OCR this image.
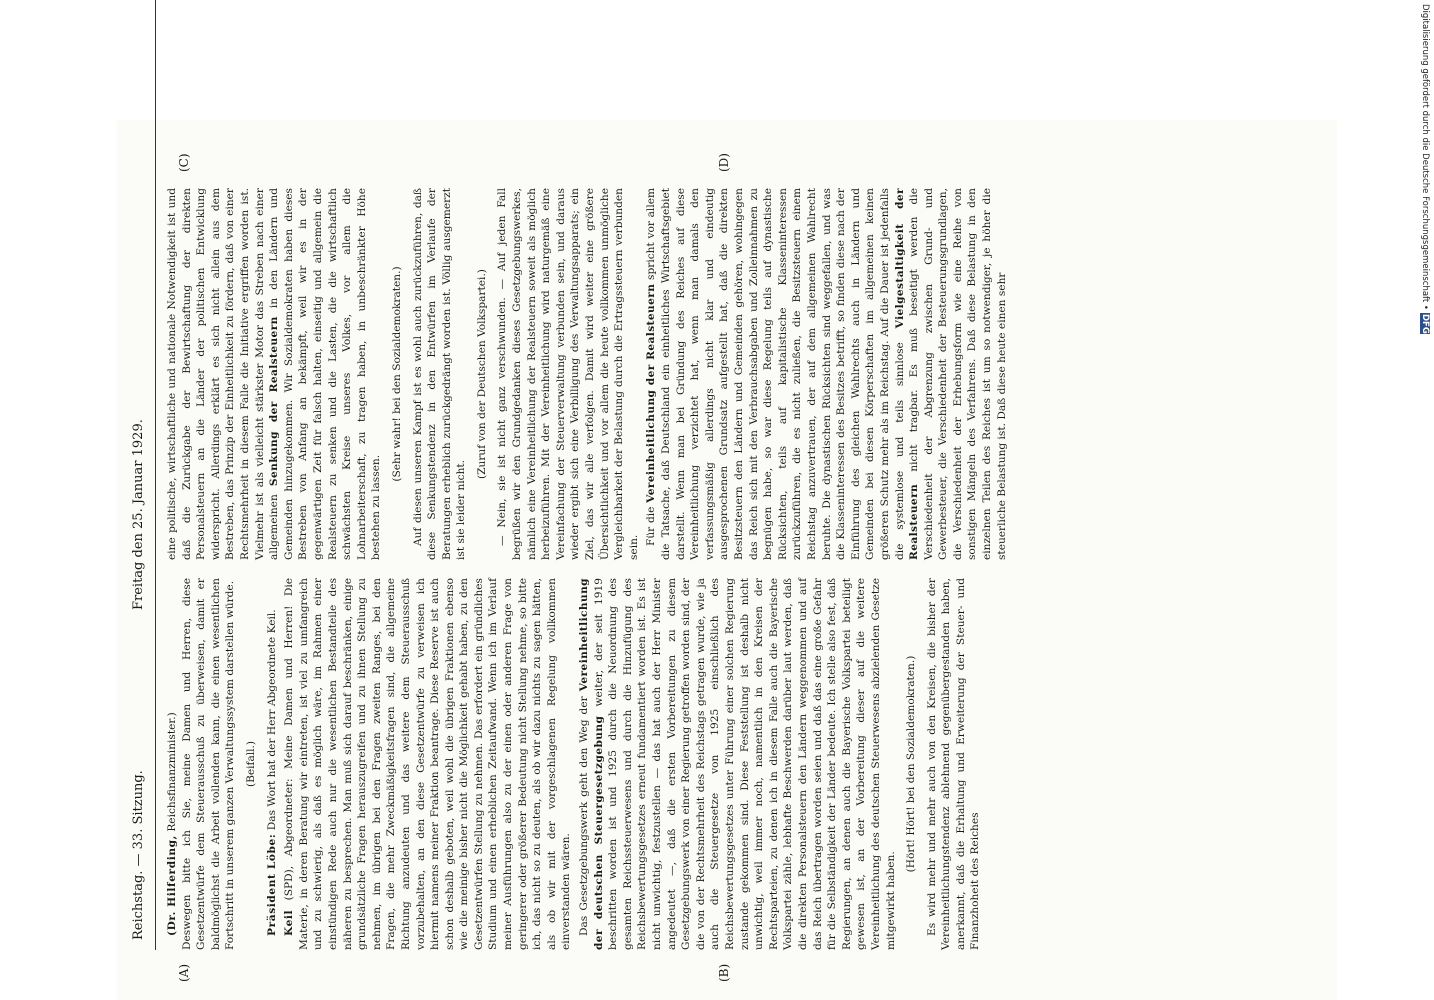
Reichstag. — 33. Sitzung.
Freitag den 25. Januar 1929.
(A)	(B)
(C)	(D)

(Dr. Hilferding, Reichsfinanzminister.) Deswegen bitte ich Sie, meine Damen und Herren, diese Gesetzentwürfe dem Steuerausschuß zu überweisen, damit er baldmöglichst die Arbeit vollenden kann, die einen wesentlichen Fortschritt in unserem ganzen Verwaltungssystem darstellen würde. (Beifall.)

Präsident Löbe: Das Wort hat der Herr Abgeordnete Keil.

Keil (SPD), Abgeordneter: Meine Damen und Herren! Die Materie, in deren Beratung wir eintreten, ist viel zu umfangreich und zu schwierig, als daß es möglich wäre, im Rahmen einer einstündigen Rede auch nur die wesentlichen Bestandteile des näheren zu besprechen. Man muß sich darauf beschränken, einige grundsätzliche Fragen herauszugreifen und zu ihnen Stellung zu nehmen, im übrigen bei den Fragen zweiten Ranges, bei den Fragen, die mehr Zweckmäßigkeitsfragen sind, die allgemeine Richtung anzudeuten und das weitere dem Steuerausschuß vorzubehalten, an den diese Gesetzentwürfe zu verweisen ich hiermit namens meiner Fraktion beantrage. Diese Reserve ist auch schon deshalb geboten, weil wohl die übrigen Fraktionen ebenso wie die meinige bisher nicht die Möglichkeit gehabt haben, zu den Gesetzentwürfen Stellung zu nehmen. Das erfordert ein gründliches Studium und einen erheblichen Zeitaufwand. Wenn ich im Verlauf meiner Ausführungen also zu der einen oder anderen Frage von geringerer oder größerer Bedeutung nicht Stellung nehme, so bitte ich, das nicht so zu deuten, als ob wir dazu nichts zu sagen hätten, als ob wir mit der vorgeschlagenen Regelung vollkommen einverstanden wären. Das Gesetzgebungswerk geht den Weg der Vereinheitlichung der deutschen Steuergesetzgebung weiter, der seit 1919 beschritten worden ist und 1925 durch die Neuordnung des gesamten Reichssteuerwesens und durch die Hinzufügung des Reichsbewertungsgesetzes erneut fundamentiert worden ist. Es ist nicht unwichtig, festzustellen — das hat auch der Herr Minister angedeutet —, daß die ersten Vorbereitungen zu diesem Gesetzgebungswerk von einer Regierung getroffen worden sind, der die von der Rechtsmehrheit des Reichstags getragen wurde, wie ja auch die Steuergesetze von 1925 einschließlich des Reichsbewertungsgesetzes unter Führung einer solchen Regierung zustande gekommen sind. Diese Feststellung ist deshalb nicht unwichtig, weil immer noch, namentlich in den Kreisen der Rechtsparteien, zu denen ich in diesem Falle auch die Bayerische Volkspartei zähle, lebhafte Beschwerden darüber laut werden, daß die direkten Personalsteuern den Ländern weggenommen und auf das Reich übertragen worden seien und daß das eine große Gefahr für die Selbständigkeit der Länder bedeute. Ich stelle also fest, daß Regierungen, an denen auch die Bayerische Volkspartei beteiligt gewesen ist, an der Vorbereitung dieser auf die weitere Vereinheitlichung des deutschen Steuerwesens abzielenden Gesetze mitgewirkt haben.

(Hört! Hört! bei den Sozialdemokraten.) Es wird mehr und mehr auch von den Kreisen, die bisher der Vereinheitlichungstendenz ablehnend gegenübergestanden haben, anerkannt, daß die Erhaltung und Erweiterung der Steuer- und Finanzhoheit des Reiches

eine politische, wirtschaftliche und nationale Notwendigkeit ist und daß die Zurückgabe der Bewirtschaftung der direkten Personalsteuern an die Länder der politischen Entwicklung widerspricht. Allerdings erklärt es sich nicht allein aus dem Bestreben, das Prinzip der Einheitlichkeit zu fördern, daß von einer Rechtsmehrheit in diesem Falle die Initiative ergriffen worden ist. Vielmehr ist als vielleicht stärkster Motor das Streben nach einer allgemeinen Senkung der Realsteuern in den Ländern und Gemeinden hinzugekommen. Wir Sozialdemokraten haben dieses Bestreben von Anfang an bekämpft, weil wir es in der gegenwärtigen Zeit für falsch halten, einseitig und allgemein die Realsteuern zu senken und die Lasten, die die wirtschaftlich schwächsten Kreise unseres Volkes, vor allem die Lohnarbeiterschaft, zu tragen haben, in unbeschränkter Höhe bestehen zu lassen.

(Sehr wahr! bei den Sozialdemokraten.) Auf diesen unseren Kampf ist es wohl auch zurückzuführen, daß diese Senkungstendenz in den Entwürfen im Verlaufe der Beratungen erheblich zurückgedrängt worden ist. Völlig ausgemerzt ist sie leider nicht.

(Zuruf von der Deutschen Volkspartei.) — Nein, sie ist nicht ganz verschwunden. — Auf jeden Fall begrüßen wir den Grundgedanken dieses Gesetzgebungswerkes, nämlich eine Vereinheitlichung der Realsteuern soweit als möglich herbeizuführen. Mit der Vereinheitlichung wird naturgemäß eine Vereinfachung der Steuerverwaltung verbunden sein, und daraus wieder ergibt sich eine Verbilligung des Verwaltungsapparats; ein Ziel, das wir alle verfolgen. Damit wird weiter eine größere Übersichtlichkeit und vor allem die heute vollkommen unmögliche Vergleichbarkeit der Belastung durch die Ertragssteuern verbunden sein.

Für die Vereinheitlichung der Realsteuern spricht vor allem die Tatsache, daß Deutschland ein einheitliches Wirtschaftsgebiet darstellt. Wenn man bei Gründung des Reiches auf diese Vereinheitlichung verzichtet hat, wenn man damals den verfassungsmäßig allerdings nicht klar und eindeutig ausgesprochenen Grundsatz aufgestellt hat, daß die direkten Besitzsteuern den Ländern und Gemeinden gehören, wohingegen das Reich sich mit den Verbrauchsabgaben und Zolleinnahmen zu begnügen habe, so war diese Regelung teils auf dynastische Rücksichten, teils auf kapitalistische Klasseninteressen zurückzuführen, die es nicht zuließen, die Besitzsteuern einem Reichstag anzuvertrauen, der auf dem allgemeinen Wahlrecht beruhte. Die dynastischen Rücksichten sind weggefallen, und was die Klasseninteressen des Besitzes betrifft, so finden diese nach der Einführung des gleichen Wahlrechts auch in Ländern und Gemeinden bei diesen Körperschaften im allgemeinen keinen größeren Schutz mehr als im Reichstag. Auf die Dauer ist jedenfalls die systemlose und teils sinnlose Vielgestaltigkeit der Realsteuern nicht tragbar. Es muß beseitigt werden die Verschiedenheit der Abgrenzung zwischen Grund- und Gewerbesteuer, die Verschiedenheit der Besteuerungsgrundlagen, die Verschiedenheit der Erhebungsform wie eine Reihe von sonstigen Mängeln des Verfahrens. Daß diese Belastung in den einzelnen Teilen des Reiches ist um so notwendiger, je höher die steuerliche Belastung ist. Daß diese heute einen sehr

Digitalisierung gefördert durch die Deutsche Forschungsgemeinschaft • DFG
